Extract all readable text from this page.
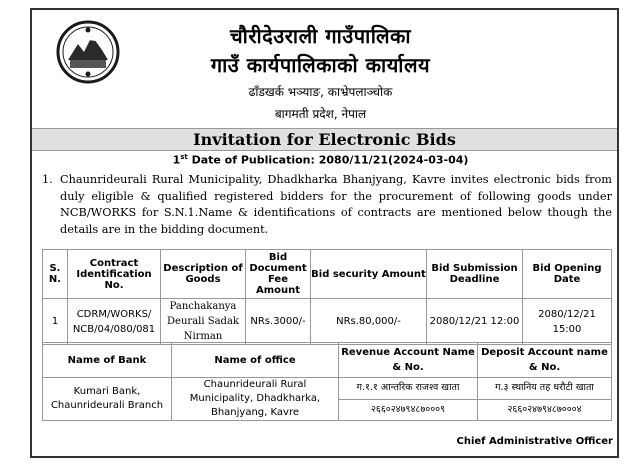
चौरीदेउराली गाउँपालिका
गाउँ कार्यपालिकाको कार्यालय
ढाँडखर्क भञ्याङ, काभ्रेपलाञ्चोक
बागमती प्रदेश, नेपाल
Invitation for Electronic Bids
1st Date of Publication: 2080/11/21(2024-03-04)
1. Chaunrideurali Rural Municipality, Dhadkharka Bhanjyang, Kavre invites electronic bids from duly eligible & qualified registered bidders for the procurement of following goods under NCB/WORKS for S.N.1.Name & identifications of contracts are mentioned below though the details are in the bidding document.
S. N.	Contract Identification No.	Description of Goods	Bid Document Fee Amount	Bid security Amount	Bid Submission Deadline	Bid Opening Date
1	CDRM/WORKS/ NCB/04/080/081	Panchakanya Deurali Sadak Nirman	NRs.3000/-	NRs.80,000/-	2080/12/21 12:00	2080/12/21 15:00
Name of Bank	Name of office	Revenue Account Name & No.	Deposit Account name & No.
Kumari Bank, Chaunrideurali Branch	Chaunrideurali Rural Municipality, Dhadkharka, Bhanjyang, Kavre	ग.१.१ आन्तरिक राजश्व खाता	ग.३ स्थानिय तह धरौटी खाता
		२६६०२४७९४८७०००९	२६६०२४७९४८७०००४
Chief Administrative Officer
